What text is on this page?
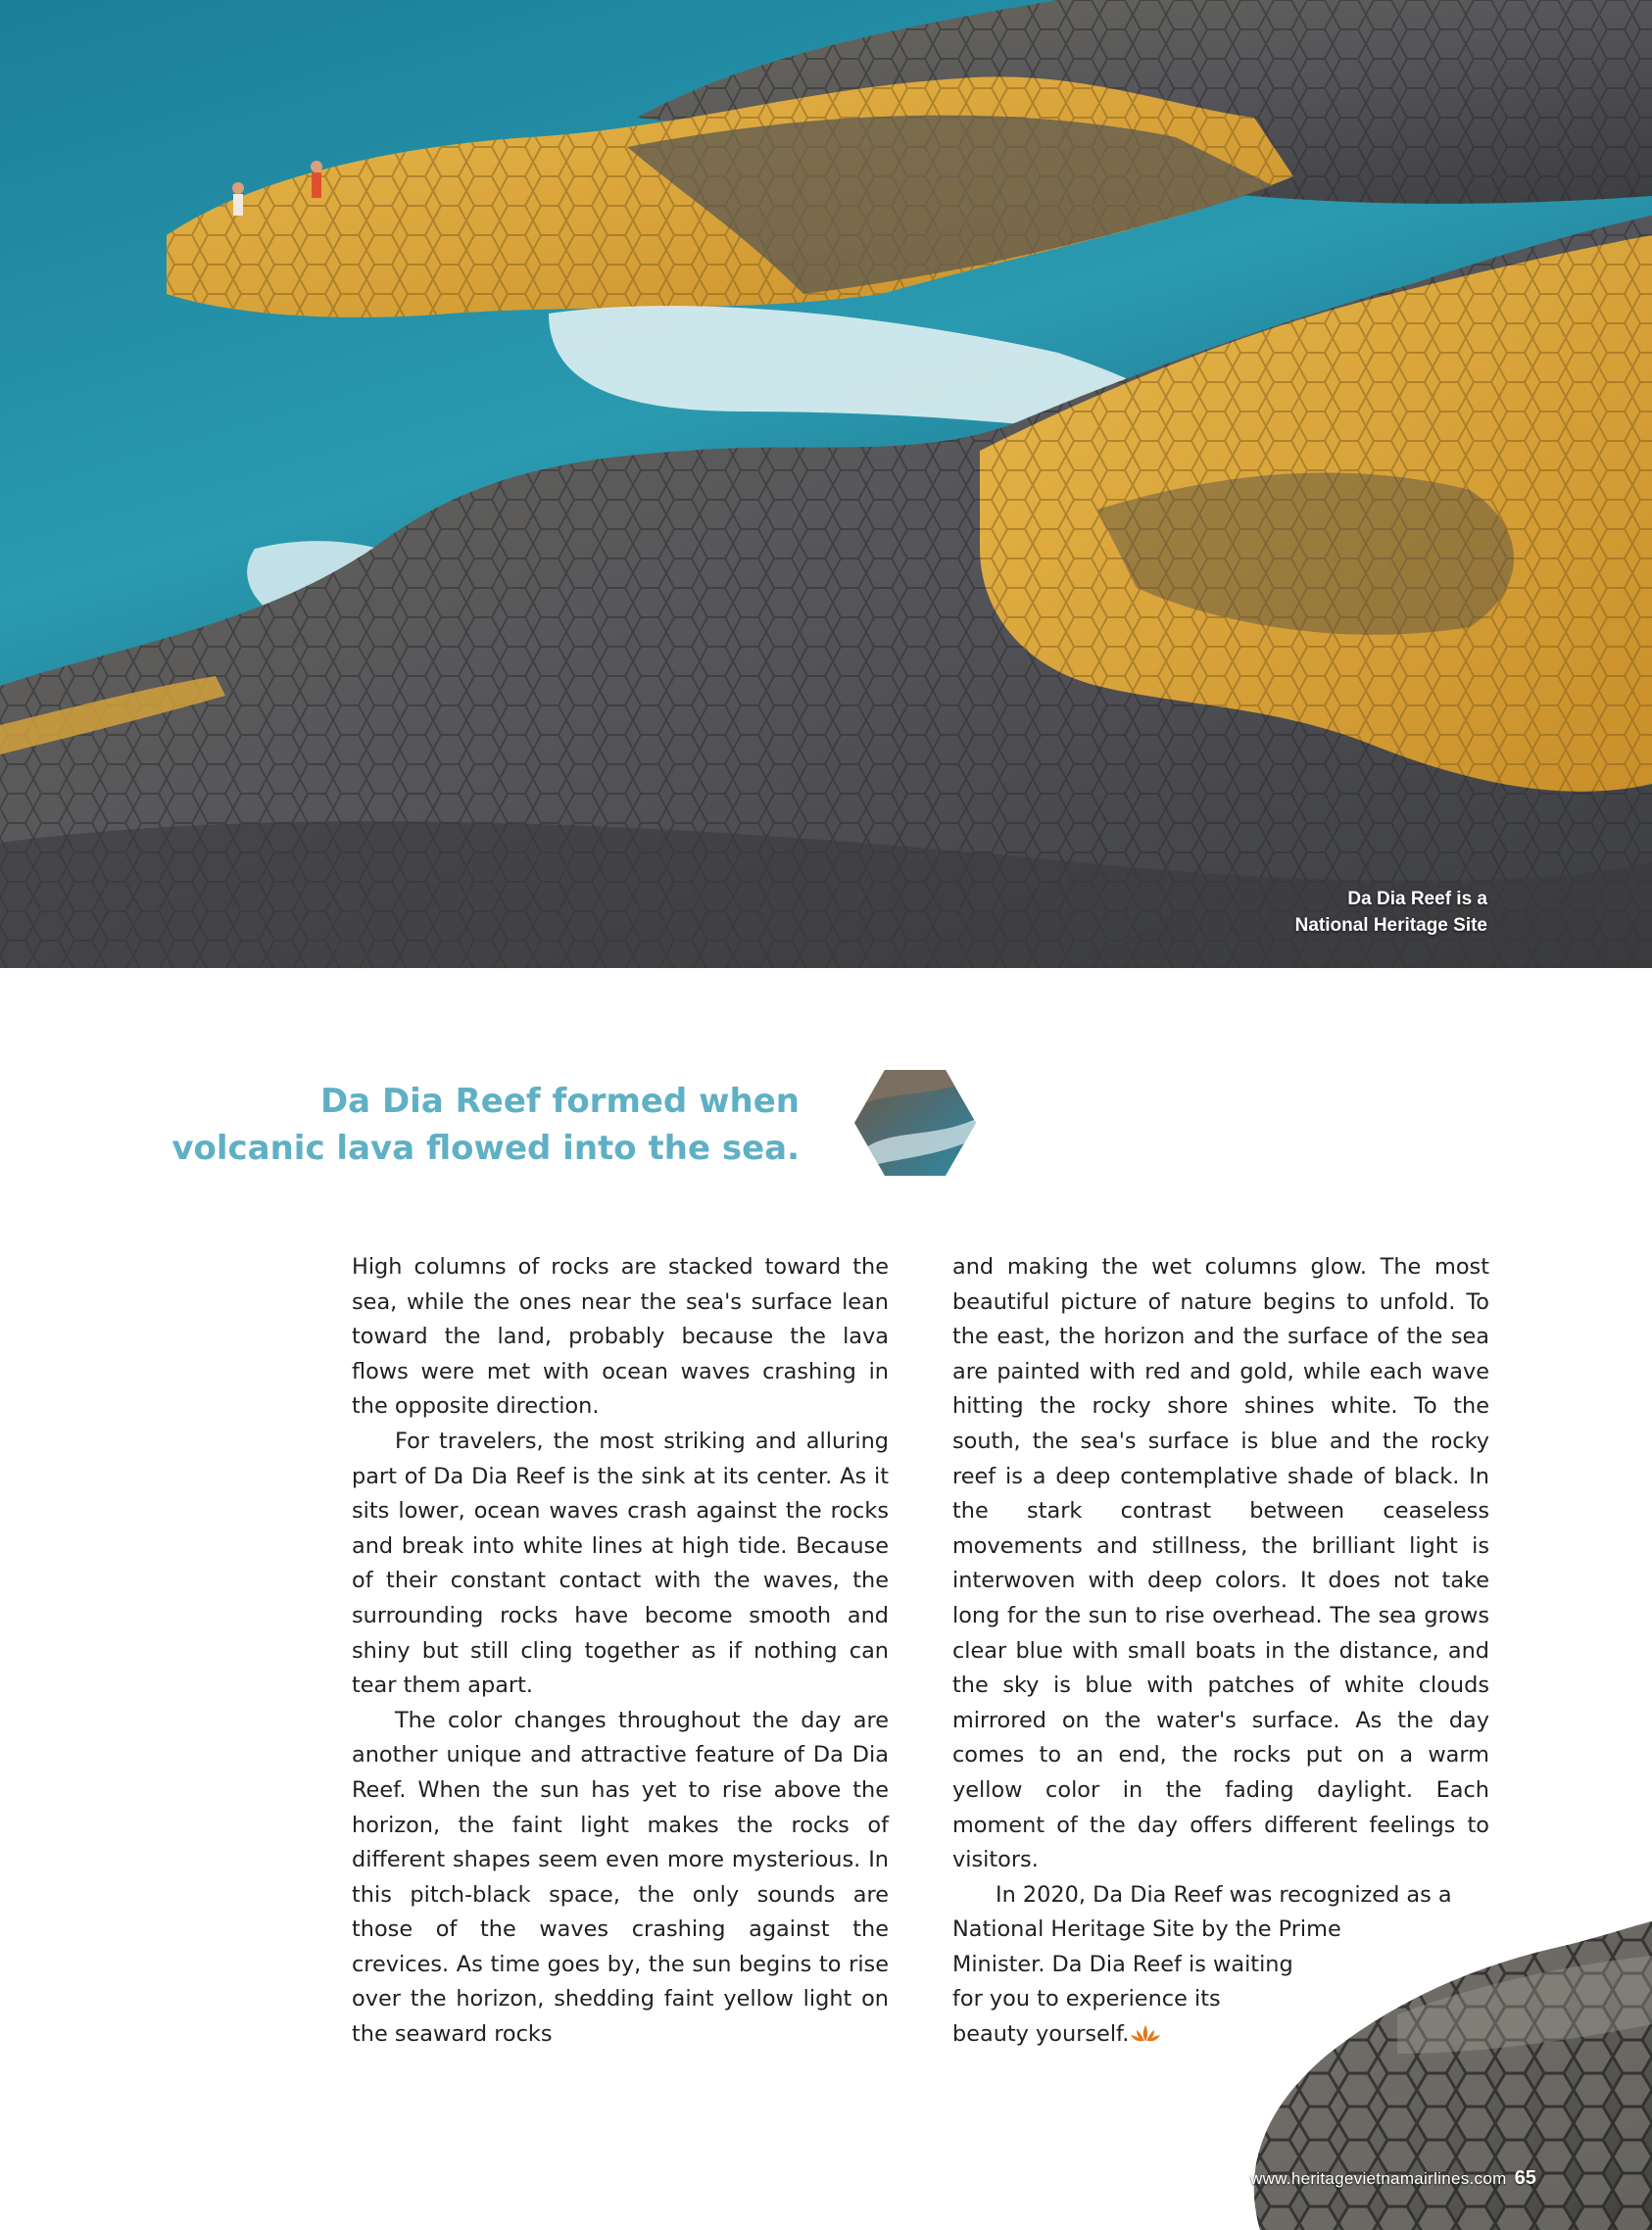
Da Dia Reef is a
National Heritage Site
Da Dia Reef formed when
volcanic lava flowed into the sea.

High columns of rocks are stacked toward the sea, while the ones near the sea's surface lean toward the land, probably because the lava flows were met with ocean waves crashing in the opposite direction.

For travelers, the most striking and alluring part of Da Dia Reef is the sink at its center. As it sits lower, ocean waves crash against the rocks and break into white lines at high tide. Because of their constant contact with the waves, the surrounding rocks have become smooth and shiny but still cling together as if nothing can tear them apart.

The color changes throughout the day are another unique and attractive feature of Da Dia Reef. When the sun has yet to rise above the horizon, the faint light makes the rocks of different shapes seem even more mysterious. In this pitch-black space, the only sounds are those of the waves crashing against the crevices. As time goes by, the sun begins to rise over the horizon, shedding faint yellow light on the seaward rocks

and making the wet columns glow. The most beautiful picture of nature begins to unfold. To the east, the horizon and the surface of the sea are painted with red and gold, while each wave hitting the rocky shore shines white. To the south, the sea's surface is blue and the rocky reef is a deep contemplative shade of black. In the stark contrast between ceaseless movements and stillness, the brilliant light is interwoven with deep colors. It does not take long for the sun to rise overhead. The sea grows clear blue with small boats in the distance, and the sky is blue with patches of white clouds mirrored on the water's surface. As the day comes to an end, the rocks put on a warm yellow color in the fading daylight. Each moment of the day offers different feelings to visitors.

In 2020, Da Dia Reef was recognized as a
National Heritage Site by the Prime
Minister. Da Dia Reef is waiting
for you to experience its
beauty yourself.

www.heritagevietnamairlines.com 65
